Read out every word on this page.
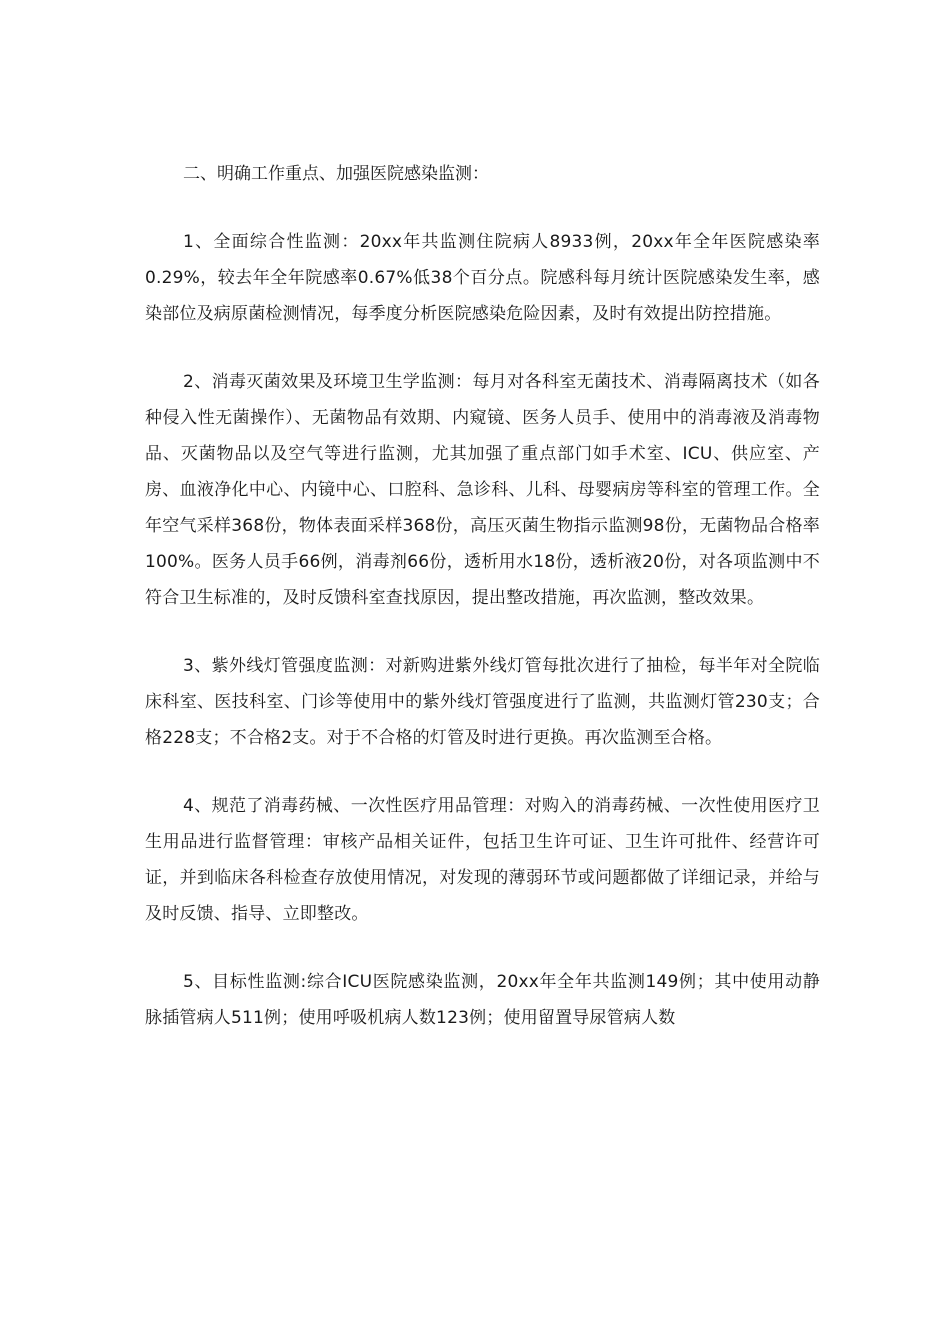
二、明确工作重点、加强医院感染监测：

1、全面综合性监测：20xx年共监测住院病人8933例，20xx年全年医院感染率0.29%，较去年全年院感率0.67%低38个百分点。院感科每月统计医院感染发生率，感染部位及病原菌检测情况，每季度分析医院感染危险因素，及时有效提出防控措施。

2、消毒灭菌效果及环境卫生学监测：每月对各科室无菌技术、消毒隔离技术（如各种侵入性无菌操作）、无菌物品有效期、内窥镜、医务人员手、使用中的消毒液及消毒物品、灭菌物品以及空气等进行监测，尤其加强了重点部门如手术室、ICU、供应室、产房、血液净化中心、内镜中心、口腔科、急诊科、儿科、母婴病房等科室的管理工作。全年空气采样368份，物体表面采样368份，高压灭菌生物指示监测98份，无菌物品合格率100%。医务人员手66例，消毒剂66份，透析用水18份，透析液20份，对各项监测中不符合卫生标准的，及时反馈科室查找原因，提出整改措施，再次监测，整改效果。

3、紫外线灯管强度监测：对新购进紫外线灯管每批次进行了抽检，每半年对全院临床科室、医技科室、门诊等使用中的紫外线灯管强度进行了监测，共监测灯管230支；合格228支；不合格2支。对于不合格的灯管及时进行更换。再次监测至合格。

4、规范了消毒药械、一次性医疗用品管理：对购入的消毒药械、一次性使用医疗卫生用品进行监督管理：审核产品相关证件，包括卫生许可证、卫生许可批件、经营许可证，并到临床各科检查存放使用情况，对发现的薄弱环节或问题都做了详细记录，并给与及时反馈、指导、立即整改。

5、目标性监测:综合ICU医院感染监测，20xx年全年共监测149例；其中使用动静脉插管病人511例；使用呼吸机病人数123例；使用留置导尿管病人数
